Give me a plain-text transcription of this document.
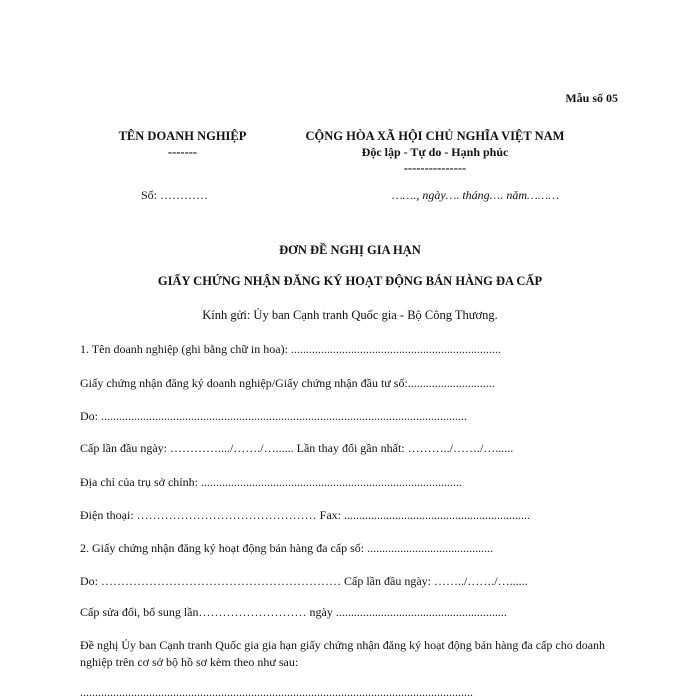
Mẫu số 05
TÊN DOANH NGHIỆP
-------
CỘNG HÒA XÃ HỘI CHỦ NGHĨA VIỆT NAM
Độc lập - Tự do - Hạnh phúc
---------------
Số: …………	……., ngày…. tháng…. năm………
ĐƠN ĐỀ NGHỊ GIA HẠN
GIẤY CHỨNG NHẬN ĐĂNG KÝ HOẠT ĐỘNG BÁN HÀNG ĐA CẤP
Kính gửi: Ủy ban Cạnh tranh Quốc gia - Bộ Công Thương.
1. Tên doanh nghiệp (ghi bằng chữ in hoa): ......................................................................
Giấy chứng nhận đăng ký doanh nghiệp/Giấy chứng nhận đầu tư số:.............................
Do: ..........................................................................................................................
Cấp lần đầu ngày: …………..../……./…...... Lần thay đổi gần nhất: ………../……./…......
Địa chỉ của trụ sở chính: .......................................................................................
Điện thoại: ……………………………………… Fax: ..............................................................
2. Giấy chứng nhận đăng ký hoạt động bán hàng đa cấp số: ..........................................
Do: …………………………………………………… Cấp lần đầu ngày: ……../……./…......
Cấp sửa đổi, bổ sung lần……………………… ngày .........................................................
Đề nghị Ủy ban Cạnh tranh Quốc gia gia hạn giấy chứng nhận đăng ký hoạt động bán hàng đa cấp cho doanh nghiệp trên cơ sở bộ hồ sơ kèm theo như sau:
...................................................................................................................................
